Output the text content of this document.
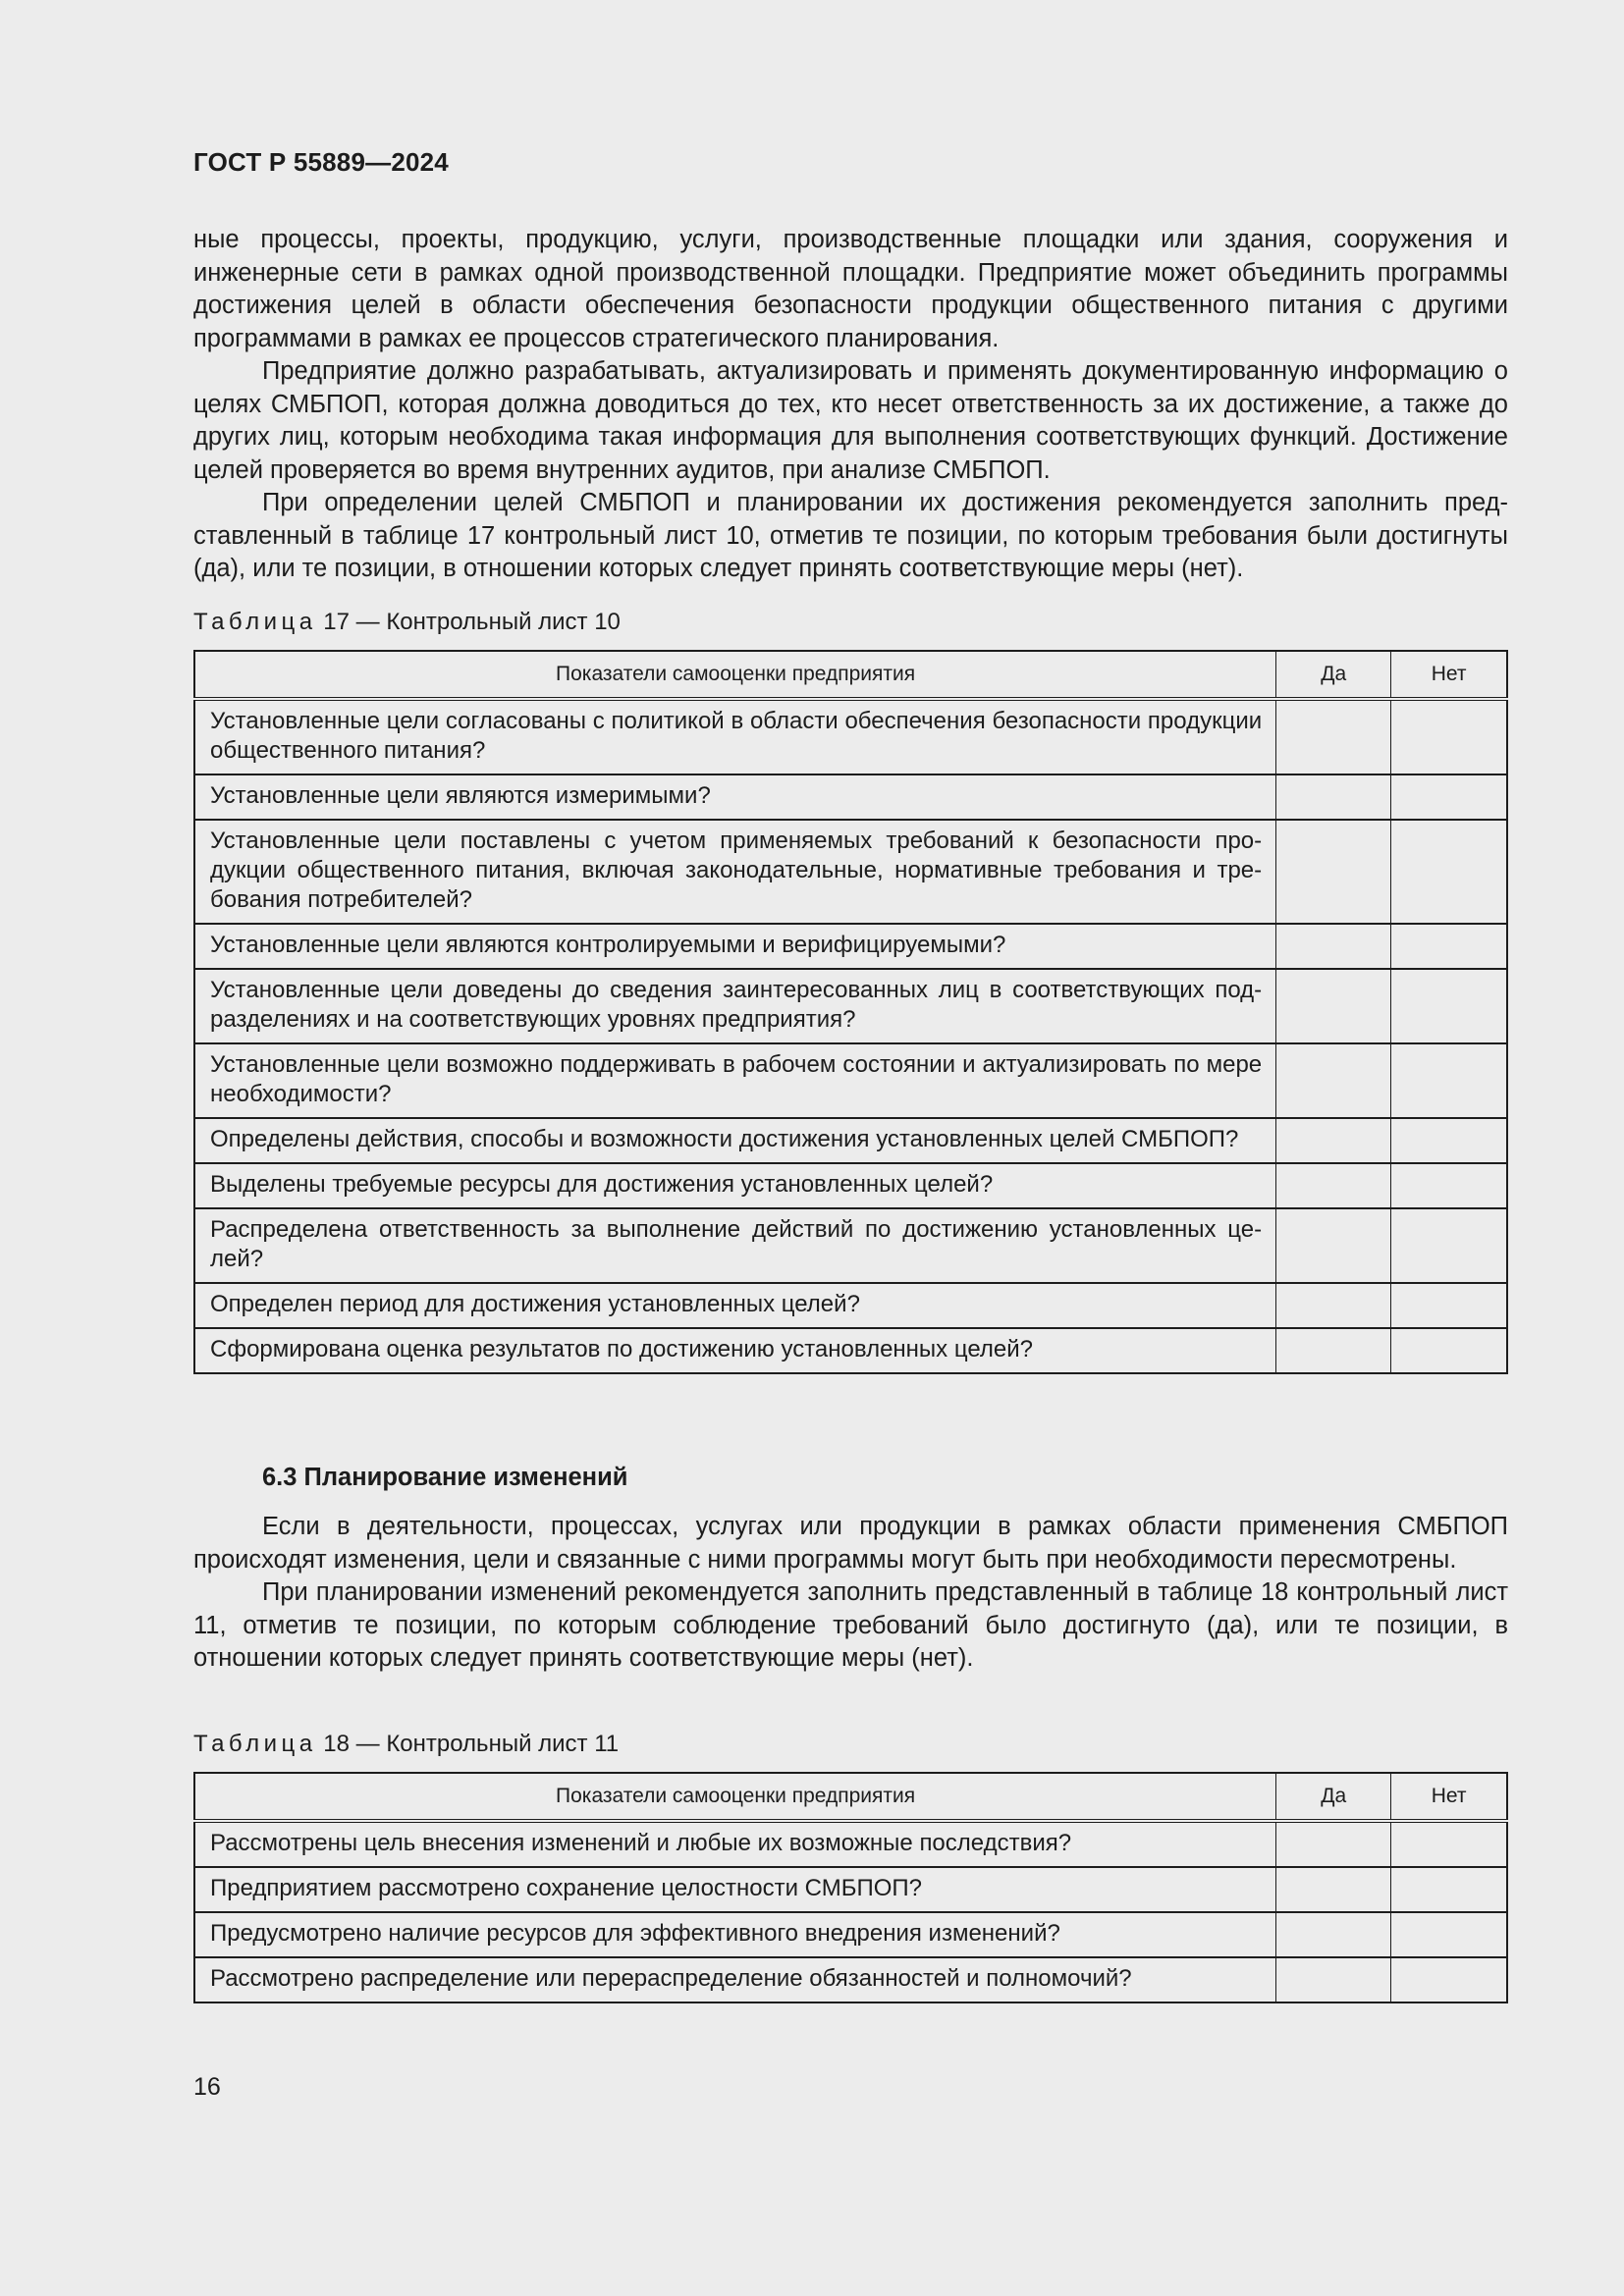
ГОСТ Р 55889—2024

ные процессы, проекты, продукцию, услуги, производственные площадки или здания, сооружения и инженерные сети в рамках одной производственной площадки. Предприятие может объединить программы достижения целей в области обеспечения безопасности продукции общественного питания с другими программами в рамках ее процессов стратегического планирования.

Предприятие должно разрабатывать, актуализировать и применять документированную информацию о целях СМБПОП, которая должна доводиться до тех, кто несет ответственность за их достижение, а также до других лиц, которым необходима такая информация для выполнения соответствующих функций. Достижение целей проверяется во время внутренних аудитов, при анализе СМБПОП.

При определении целей СМБПОП и планировании их достижения рекомендуется заполнить представленный в таблице 17 контрольный лист 10, отметив те позиции, по которым требования были достигнуты (да), или те позиции, в отношении которых следует принять соответствующие меры (нет).

Таблица 17 — Контрольный лист 10
Показатели самооценки предприятия	Да	Нет
Установленные цели согласованы с политикой в области обеспечения безопасности продукции общественного питания?		
Установленные цели являются измеримыми?		
Установленные цели поставлены с учетом применяемых требований к безопасности продукции общественного питания, включая законодательные, нормативные требования и требования потребителей?		
Установленные цели являются контролируемыми и верифицируемыми?		
Установленные цели доведены до сведения заинтересованных лиц в соответствующих подразделениях и на соответствующих уровнях предприятия?		
Установленные цели возможно поддерживать в рабочем состоянии и актуализировать по мере необходимости?		
Определены действия, способы и возможности достижения установленных целей СМБПОП?		
Выделены требуемые ресурсы для достижения установленных целей?		
Распределена ответственность за выполнение действий по достижению установленных целей?		
Определен период для достижения установленных целей?		
Сформирована оценка результатов по достижению установленных целей?		
6.3 Планирование изменений

Если в деятельности, процессах, услугах или продукции в рамках области применения СМБПОП происходят изменения, цели и связанные с ними программы могут быть при необходимости пересмотрены.

При планировании изменений рекомендуется заполнить представленный в таблице 18 контрольный лист 11, отметив те позиции, по которым соблюдение требований было достигнуто (да), или те позиции, в отношении которых следует принять соответствующие меры (нет).

Таблица 18 — Контрольный лист 11
Показатели самооценки предприятия	Да	Нет
Рассмотрены цель внесения изменений и любые их возможные последствия?		
Предприятием рассмотрено сохранение целостности СМБПОП?		
Предусмотрено наличие ресурсов для эффективного внедрения изменений?		
Рассмотрено распределение или перераспределение обязанностей и полномочий?		
16
